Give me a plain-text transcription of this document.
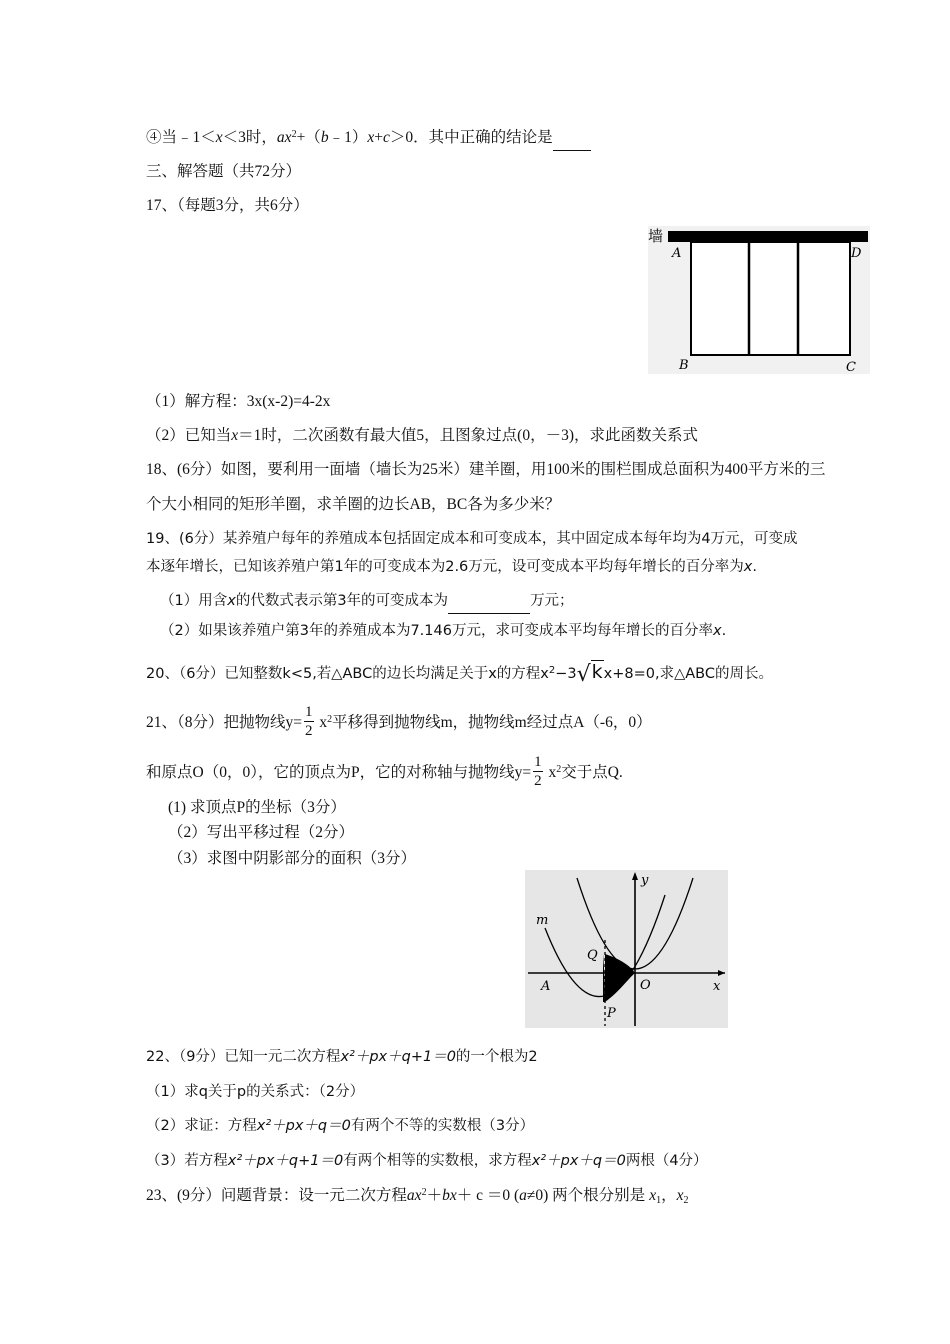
④当﹣1＜x＜3时，$ax^2+(b﹣1)x+c>0$．其中正确的结论是
三、解答题（共72分）
17、（每题3分，共6分）
墙
A	D
B	C
（1）解方程：3x(x-2)=4-2x
（2）已知当x＝1时，二次函数有最大值5，且图象过点(0，－3)，求此函数关系式
18、(6分）如图，要利用一面墙（墙长为25米）建羊圈，用100米的围栏围成总面积为400平方米的三
个大小相同的矩形羊圈，求羊圈的边长AB，BC各为多少米？
19、(6分）某养殖户每年的养殖成本包括固定成本和可变成本，其中固定成本每年均为4万元，可变成
本逐年增长，已知该养殖户第1年的可变成本为2.6万元，设可变成本平均每年增长的百分率为x.
（1）用含x的代数式表示第3年的可变成本为	万元；
（2）如果该养殖户第3年的养殖成本为7.146万元，求可变成本平均每年增长的百分率x.
20、（6分）已知整数k<5,若△ABC的边长均满足关于x的方程$x^2-3√kx+8=0$,求△ABC的周长。
21、（8分）把抛物线$y= \frac{1}{2} x^2$平移得到抛物线m，抛物线m经过点A（-6，0）
和原点O（0，0），它的顶点为P，它的对称轴与抛物线$y= \frac{1}{2} x^2$交于点Q.
(1) 求顶点P的坐标（3分）
（2）写出平移过程（2分）
（3）求图中阴影部分的面积（3分）
y
x
m
Q
O
A
P
22、（9分）已知一元二次方程x²＋px＋q+1＝0的一个根为2
（1）求q关于p的关系式：（2分）
（2）求证：方程x²＋px＋q＝0有两个不等的实数根（3分）
（3）若方程x²＋px＋q+1＝0有两个相等的实数根，求方程x²＋px＋q＝0两根（4分）
23、(9分）问题背景：设一元二次方程$ax^2+bx+ c =0$ (a≠0) 两个根分别是 $x_1$，$x_2$
